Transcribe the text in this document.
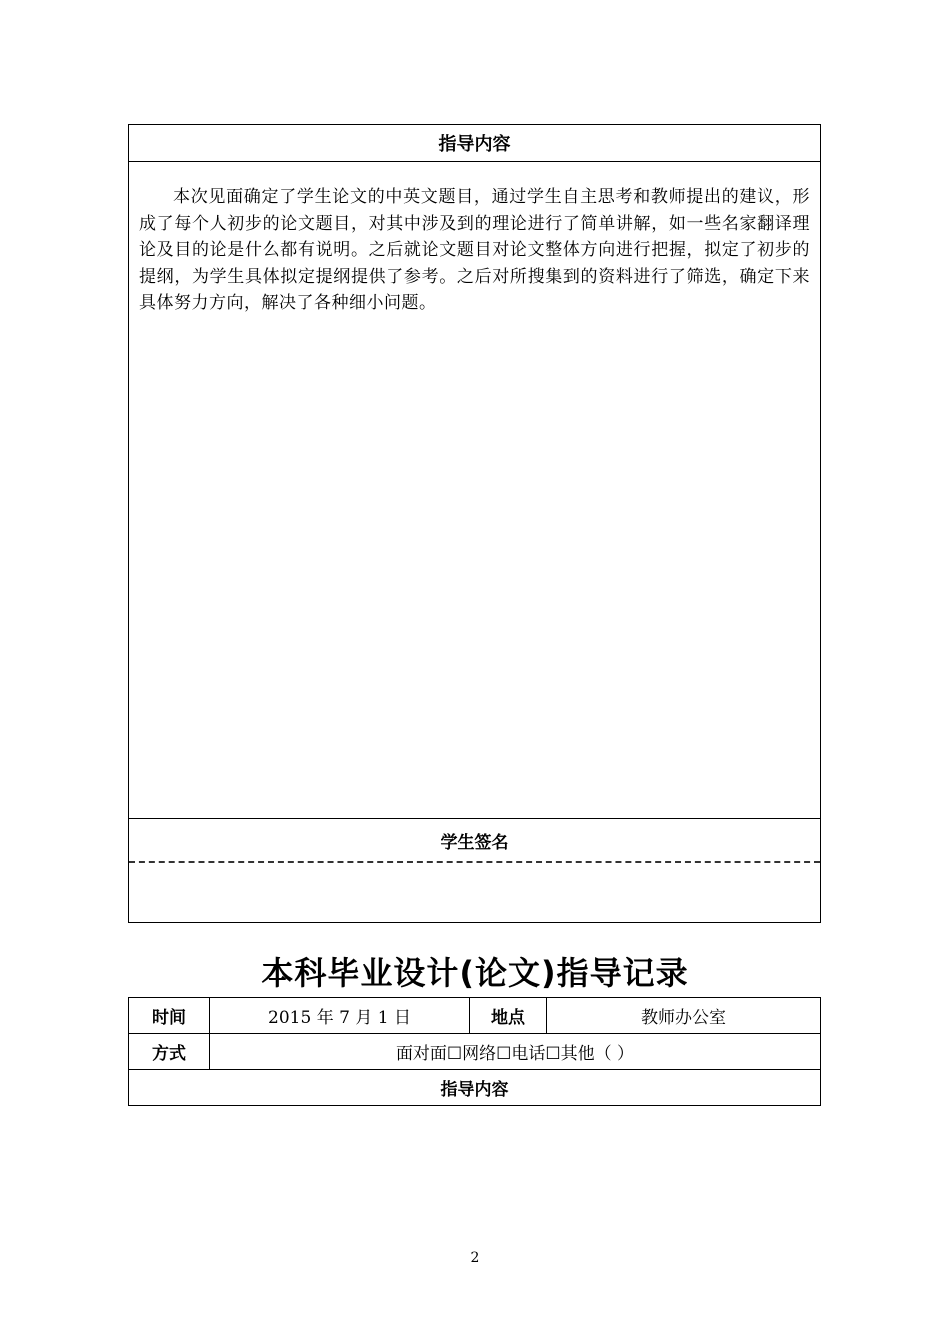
指导内容
本次见面确定了学生论文的中英文题目，通过学生自主思考和教师提出的建议，形成了每个人初步的论文题目，对其中涉及到的理论进行了简单讲解，如一些名家翻译理论及目的论是什么都有说明。之后就论文题目对论文整体方向进行把握，拟定了初步的提纲，为学生具体拟定提纲提供了参考。之后对所搜集到的资料进行了筛选，确定下来具体努力方向，解决了各种细小问题。
学生签名
本科毕业设计(论文)指导记录
时间	2015 年 7 月 1 日	地点	教师办公室
方式	面对面☐网络☐电话☐其他（ ）		
指导内容			
2
